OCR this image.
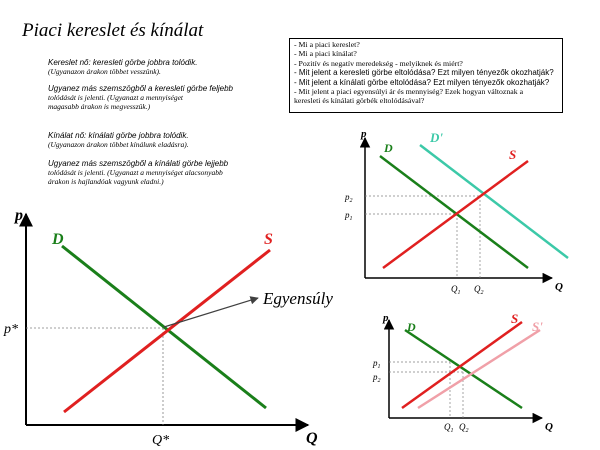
Piaci kereslet és kínálat
Kereslet nő: keresleti görbe jobbra tolódik.
(Ugyanazon árakon többet vesszünk).
Ugyanez más szemszögből a keresleti görbe feljebb
tolódását is jelenti. (Ugyanazt a mennyiséget
magasabb árakon is megvesszük.)
Kínálat nő: kínálati görbe jobbra tolódik.
(Ugyanazon árakon többet kínálunk eladásra).
Ugyanez más szemszögből a kínálati görbe lejjebb
tolódását is jelenti. (Ugyanazt a mennyiséget alacsonyabb
árakon is hajlandóak vagyunk eladni.)
- Mi a piaci kereslet?
- Mi a piaci kínálat?
- Pozitív és negatív meredekség - melyiknek és miért?
- Mit jelent a keresleti görbe eltolódása? Ezt milyen tényezők okozhatják?
- Mit jelent a kínálati görbe eltolódása? Ezt milyen tényezők okozhatják?
- Mit jelent a piaci egyensúlyi ár és mennyiség? Ezek hogyan változnak a
keresleti és kínálati görbék eltolódásával?
p
Q
D	S
Egyensúly
p*
Q*
p
Q
D
D'
S
$p_2$
$p_1$
$Q_1$ $Q_2$
p
Q
D
S
S'
$p_1$
$p_2$
$Q_1$ $Q_2$
